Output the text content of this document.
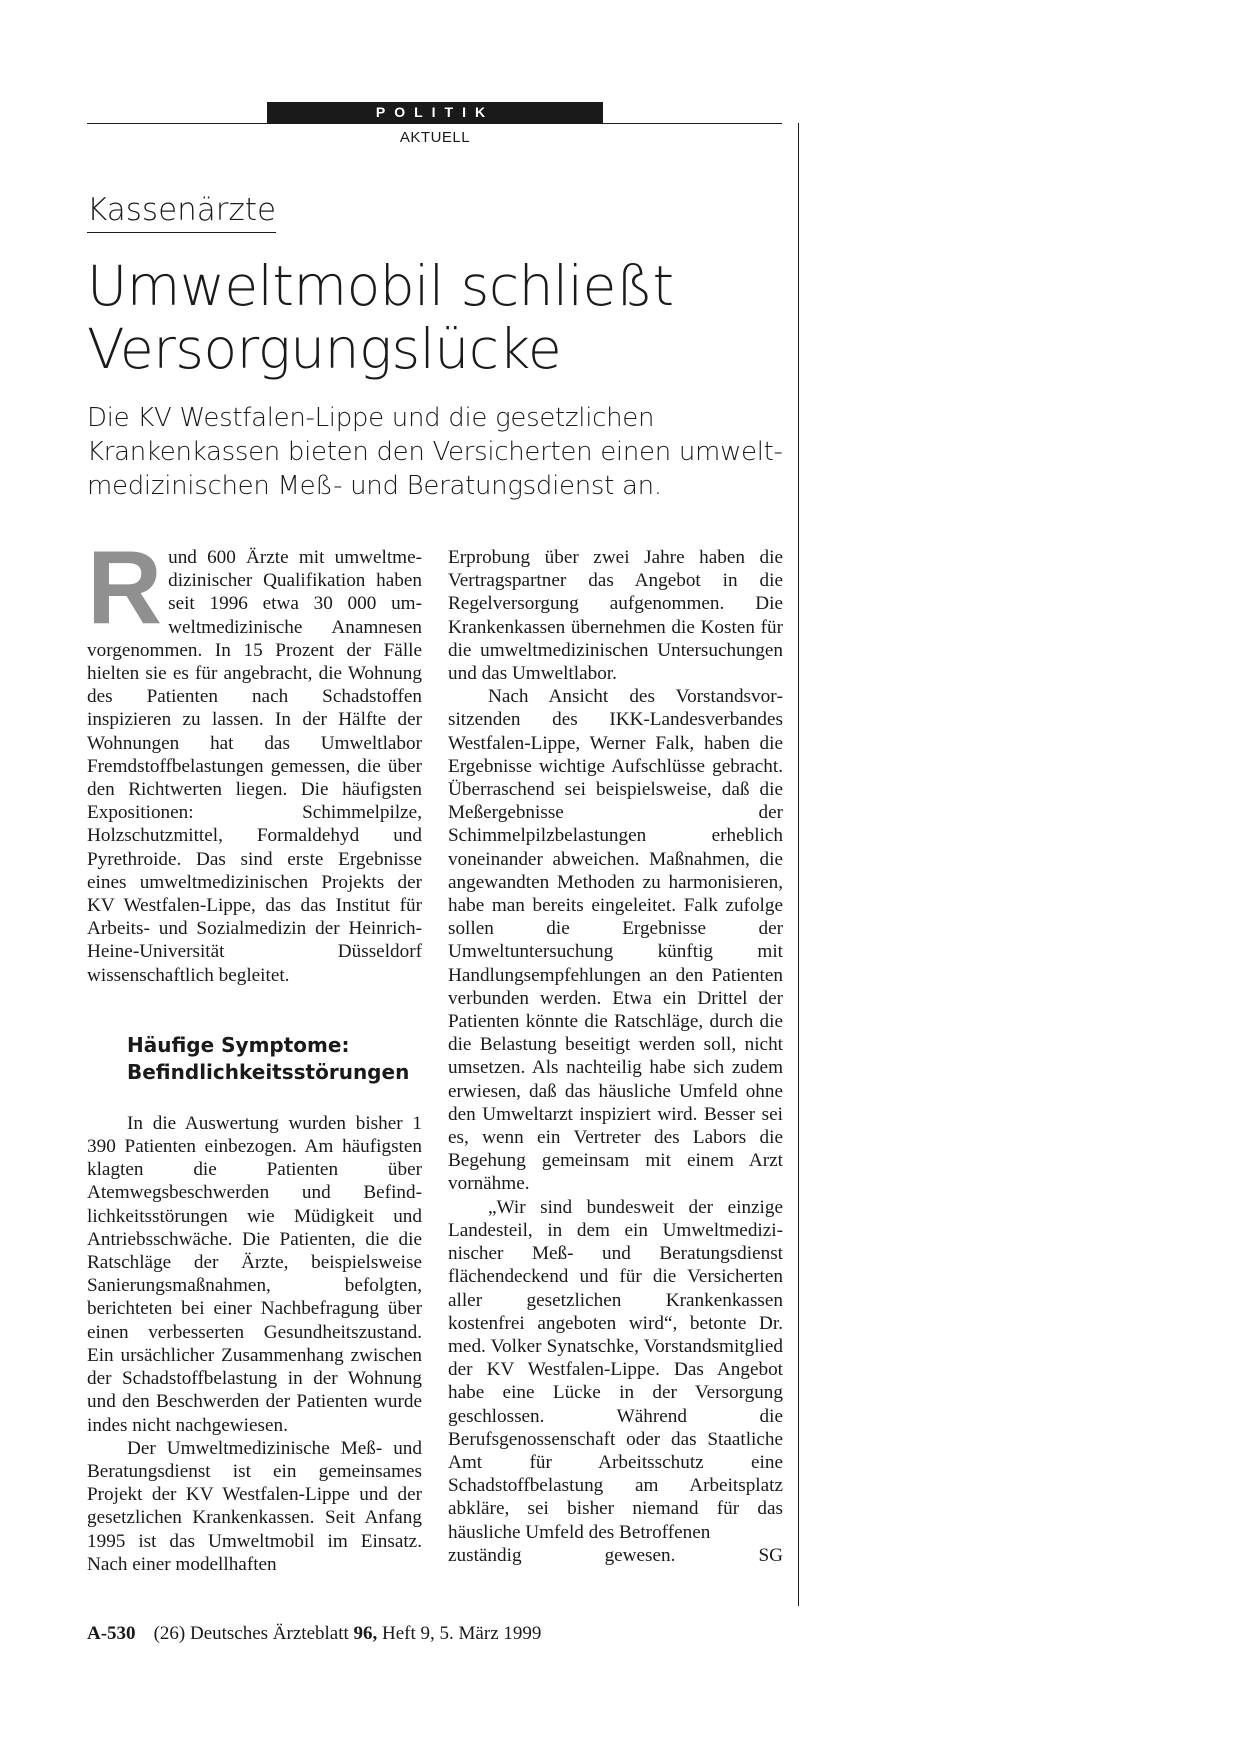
POLITIK
AKTUELL
Kassenärzte
Umweltmobil schließt
Versorgungslücke
Die KV Westfalen-Lippe und die gesetzlichen
Krankenkassen bieten den Versicherten einen umwelt-
medizinischen Meß- und Beratungsdienst an.

Rund 600 Ärzte mit umweltmedizinischer Qualifikation haben seit 1996 etwa 30 000 umweltmedizinische Anamnesen vorgenommen. In 15 Prozent der Fälle hielten sie es für angebracht, die Wohnung des Patienten nach Schadstoffen inspizieren zu lassen. In der Hälfte der Wohnungen hat das Umweltlabor Fremdstoffbelastungen gemessen, die über den Richtwerten liegen. Die häufigsten Expositionen: Schimmelpilze, Holzschutzmittel, Formaldehyd und Pyrethroide. Das sind erste Ergebnisse eines umweltmedizinischen Projekts der KV Westfalen-Lippe, das das Institut für Arbeits- und Sozialmedizin der Heinrich-Heine-Universität Düsseldorf wissenschaftlich begleitet.

Häufige Symptome:
Befindlichkeitsstörungen

In die Auswertung wurden bisher 1 390 Patienten einbezogen. Am häufigsten klagten die Patienten über Atemwegsbeschwerden und Befindlichkeitsstörungen wie Müdigkeit und Antriebsschwäche. Die Patienten, die die Ratschläge der Ärzte, beispielsweise Sanierungsmaßnahmen, befolgten, berichteten bei einer Nachbefragung über einen verbesserten Gesundheitszustand. Ein ursächlicher Zusammenhang zwischen der Schadstoffbelastung in der Wohnung und den Beschwerden der Patienten wurde indes nicht nachgewiesen.

Der Umweltmedizinische Meß- und Beratungsdienst ist ein gemeinsames Projekt der KV Westfalen-Lippe und der gesetzlichen Krankenkassen. Seit Anfang 1995 ist das Umweltmobil im Einsatz. Nach einer modellhaften

Erprobung über zwei Jahre haben die Vertragspartner das Angebot in die Regelversorgung aufgenommen. Die Krankenkassen übernehmen die Kosten für die umweltmedizinischen Untersuchungen und das Umweltlabor.

Nach Ansicht des Vorstandsvorsitzenden des IKK-Landesverbandes Westfalen-Lippe, Werner Falk, haben die Ergebnisse wichtige Aufschlüsse gebracht. Überraschend sei beispielsweise, daß die Meßergebnisse der Schimmelpilzbelastungen erheblich voneinander abweichen. Maßnahmen, die angewandten Methoden zu harmonisieren, habe man bereits eingeleitet. Falk zufolge sollen die Ergebnisse der Umweltuntersuchung künftig mit Handlungsempfehlungen an den Patienten verbunden werden. Etwa ein Drittel der Patienten könnte die Ratschläge, durch die die Belastung beseitigt werden soll, nicht umsetzen. Als nachteilig habe sich zudem erwiesen, daß das häusliche Umfeld ohne den Umweltarzt inspiziert wird. Besser sei es, wenn ein Vertreter des Labors die Begehung gemeinsam mit einem Arzt vornähme.

„Wir sind bundesweit der einzige Landesteil, in dem ein Umweltmedizinischer Meß- und Beratungsdienst flächendeckend und für die Versicherten aller gesetzlichen Krankenkassen kostenfrei angeboten wird“, betonte Dr. med. Volker Synatschke, Vorstandsmitglied der KV Westfalen-Lippe. Das Angebot habe eine Lücke in der Versorgung geschlossen. Während die Berufsgenossenschaft oder das Staatliche Amt für Arbeitsschutz eine Schadstoffbelastung am Arbeitsplatz abkläre, sei bisher niemand für das häusliche Umfeld des Betroffenen

zuständig gewesen.	SG

A-530 (26) Deutsches Ärzteblatt 96, Heft 9, 5. März 1999
